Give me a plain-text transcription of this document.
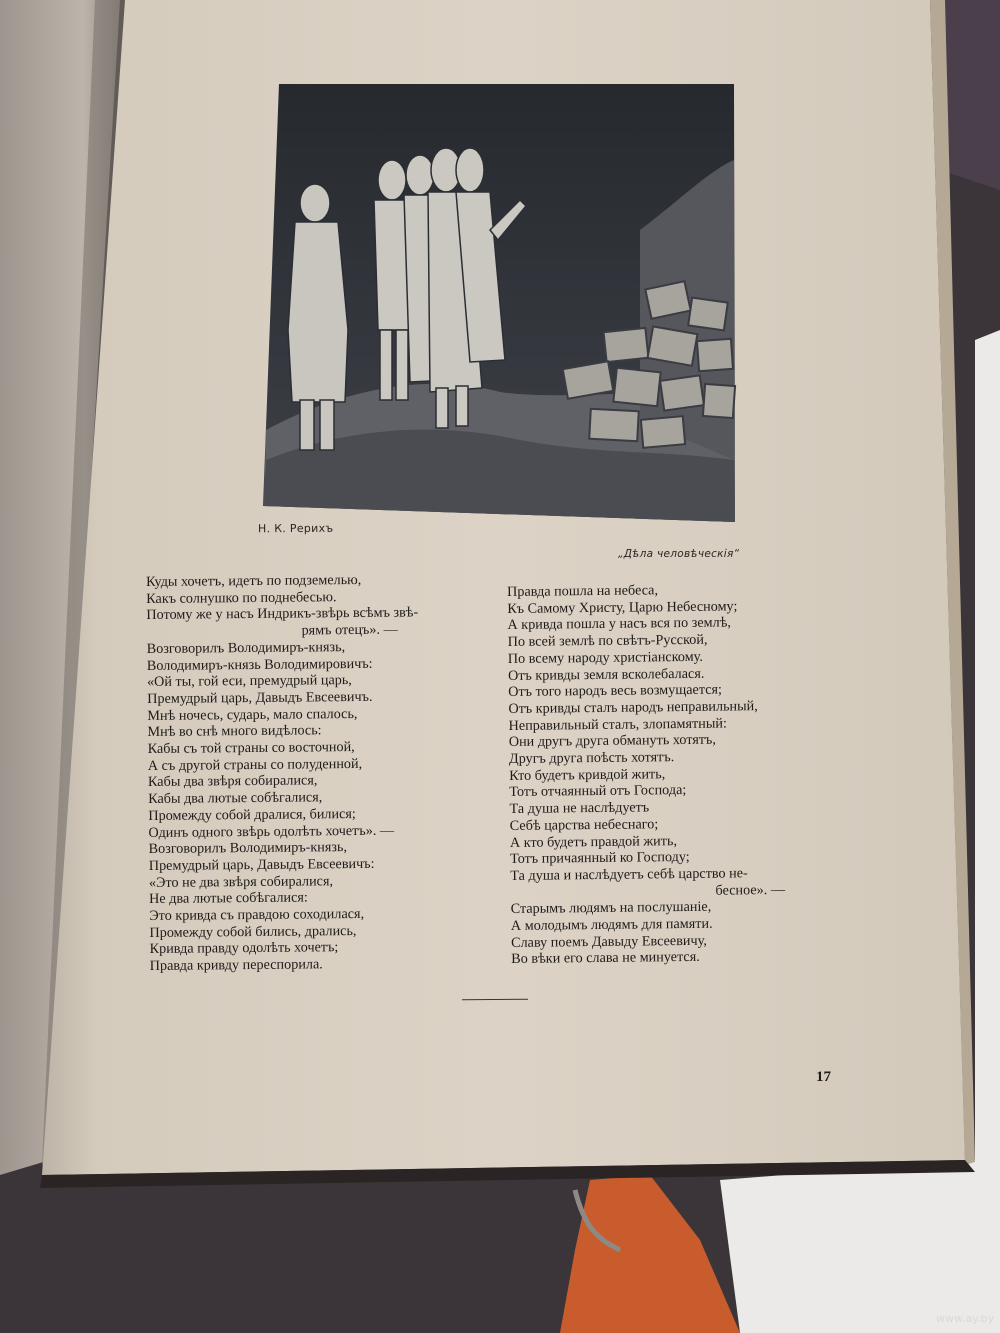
Н. К. Рерихъ
„Дѣла человѣческія“
Куды хочетъ, идетъ по подземелью,
Какъ солнушко по поднебесью.
Потому же у насъ Индрикъ-звѣрь всѣмъ звѣ-
рямъ отецъ». —
Возговорилъ Володимиръ-князь,
Володимиръ-князь Володимировичъ:
«Ой ты, гой еси, премудрый царь,
Премудрый царь, Давыдъ Евсеевичъ.
Мнѣ ночесь, сударь, мало спалось,
Мнѣ во снѣ много видѣлось:
Кабы съ той страны со восточной,
А съ другой страны со полуденной,
Кабы два звѣря собиралися,
Кабы два лютые собѣгалися,
Промежду собой дралися, билися;
Одинъ одного звѣрь одолѣть хочетъ». —
Возговорилъ Володимиръ-князь,
Премудрый царь, Давыдъ Евсеевичъ:
«Это не два звѣря собиралися,
Не два лютые собѣгалися:
Это кривда съ правдою соходилася,
Промежду собой бились, дрались,
Кривда правду одолѣть хочетъ;
Правда кривду переспорила.
Правда пошла на небеса,
Къ Самому Христу, Царю Небесному;
А кривда пошла у насъ вся по землѣ,
По всей землѣ по свѣтъ-Русской,
По всему народу христіанскому.
Отъ кривды земля всколебалася.
Отъ того народъ весь возмущается;
Отъ кривды сталъ народъ неправильный,
Неправильный сталъ, злопамятный:
Они другъ друга обмануть хотятъ,
Другъ друга поѣсть хотятъ.
Кто будетъ кривдой жить,
Тотъ отчаянный отъ Господа;
Та душа не наслѣдуетъ
Себѣ царства небеснаго;
А кто будетъ правдой жить,
Тотъ причаянный ко Господу;
Та душа и наслѣдуетъ себѣ царство не-
бесное». —
Старымъ людямъ на послушаніе,
А молодымъ людямъ для памяти.
Славу поемъ Давыду Евсеевичу,
Во вѣки его слава не минуется.
17
www.ay.by
